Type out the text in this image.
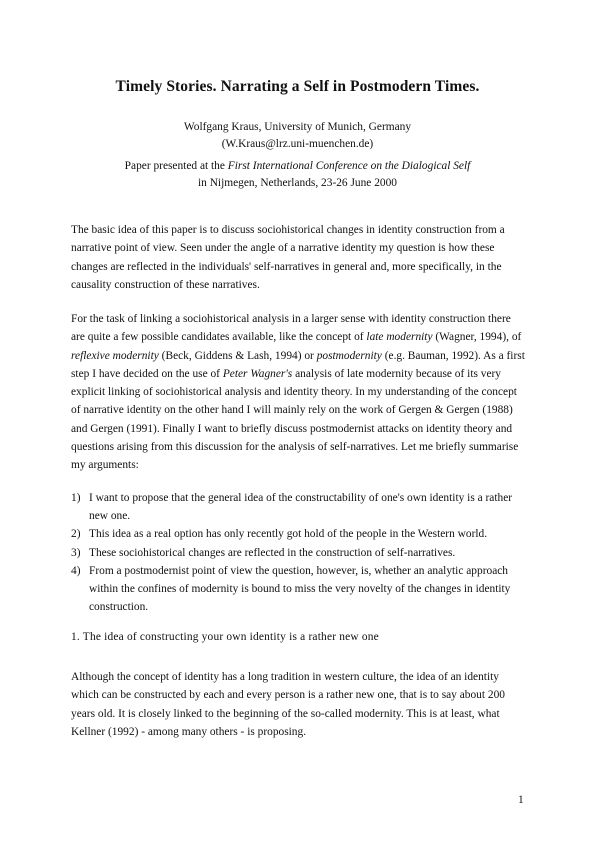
Timely Stories. Narrating a Self in Postmodern Times.
Wolfgang Kraus, University of Munich, Germany
(W.Kraus@lrz.uni-muenchen.de)
Paper presented at the First International Conference on the Dialogical Self
in Nijmegen, Netherlands, 23-26 June 2000

The basic idea of this paper is to discuss sociohistorical changes in identity construction from a narrative point of view. Seen under the angle of a narrative identity my question is how these changes are reflected in the individuals' self-narratives in general and, more specifically, in the causality construction of these narratives.

For the task of linking a sociohistorical analysis in a larger sense with identity construction there are quite a few possible candidates available, like the concept of late modernity (Wagner, 1994), of reflexive modernity (Beck, Giddens & Lash, 1994) or postmodernity (e.g. Bauman, 1992). As a first step I have decided on the use of Peter Wagner's analysis of late modernity because of its very explicit linking of sociohistorical analysis and identity theory. In my understanding of the concept of narrative identity on the other hand I will mainly rely on the work of Gergen & Gergen (1988) and Gergen (1991). Finally I want to briefly discuss postmodernist attacks on identity theory and questions arising from this discussion for the analysis of self-narratives. Let me briefly summarise my arguments:

1) I want to propose that the general idea of the constructability of one's own identity is a rather new one.
2) This idea as a real option has only recently got hold of the people in the Western world.
3) These sociohistorical changes are reflected in the construction of self-narratives.
4) From a postmodernist point of view the question, however, is, whether an analytic approach within the confines of modernity is bound to miss the very novelty of the changes in identity construction.
1. The idea of constructing your own identity is a rather new one

Although the concept of identity has a long tradition in western culture, the idea of an identity which can be constructed by each and every person is a rather new one, that is to say about 200 years old. It is closely linked to the beginning of the so-called modernity. This is at least, what Kellner (1992) - among many others - is proposing.

1
